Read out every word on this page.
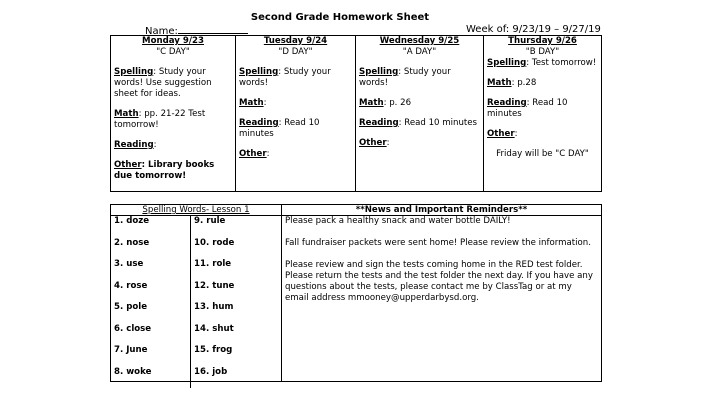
Second Grade Homework Sheet
Name:	Week of: 9/23/19 – 9/27/19
Monday 9/23
"C DAY"

Spelling: Study your words! Use suggestion sheet for ideas.

Math: pp. 21-22 Test tomorrow!

Reading:

Other: Library books due tomorrow!

Tuesday 9/24
"D DAY"

Spelling: Study your words!

Math:

Reading: Read 10 minutes

Other:

Wednesday 9/25
"A DAY"

Spelling: Study your words!

Math: p. 26

Reading: Read 10 minutes

Other:

Thursday 9/26
"B DAY"

Spelling: Test tomorrow!

Math: p.28

Reading: Read 10 minutes

Other:

Friday will be "C DAY"

Spelling Words- Lesson 1
1. doze
2. nose
3. use
4. rose
5. pole
6. close
7. June
8. woke
9. rule
10. rode
11. role
12. tune
13. hum
14. shut
15. frog
16. job
**News and Important Reminders**

Please pack a healthy snack and water bottle DAILY!

Fall fundraiser packets were sent home! Please review the information.

Please review and sign the tests coming home in the RED test folder. Please return the tests and the test folder the next day. If you have any questions about the tests, please contact me by ClassTag or at my email address mmooney@upperdarbysd.org.
